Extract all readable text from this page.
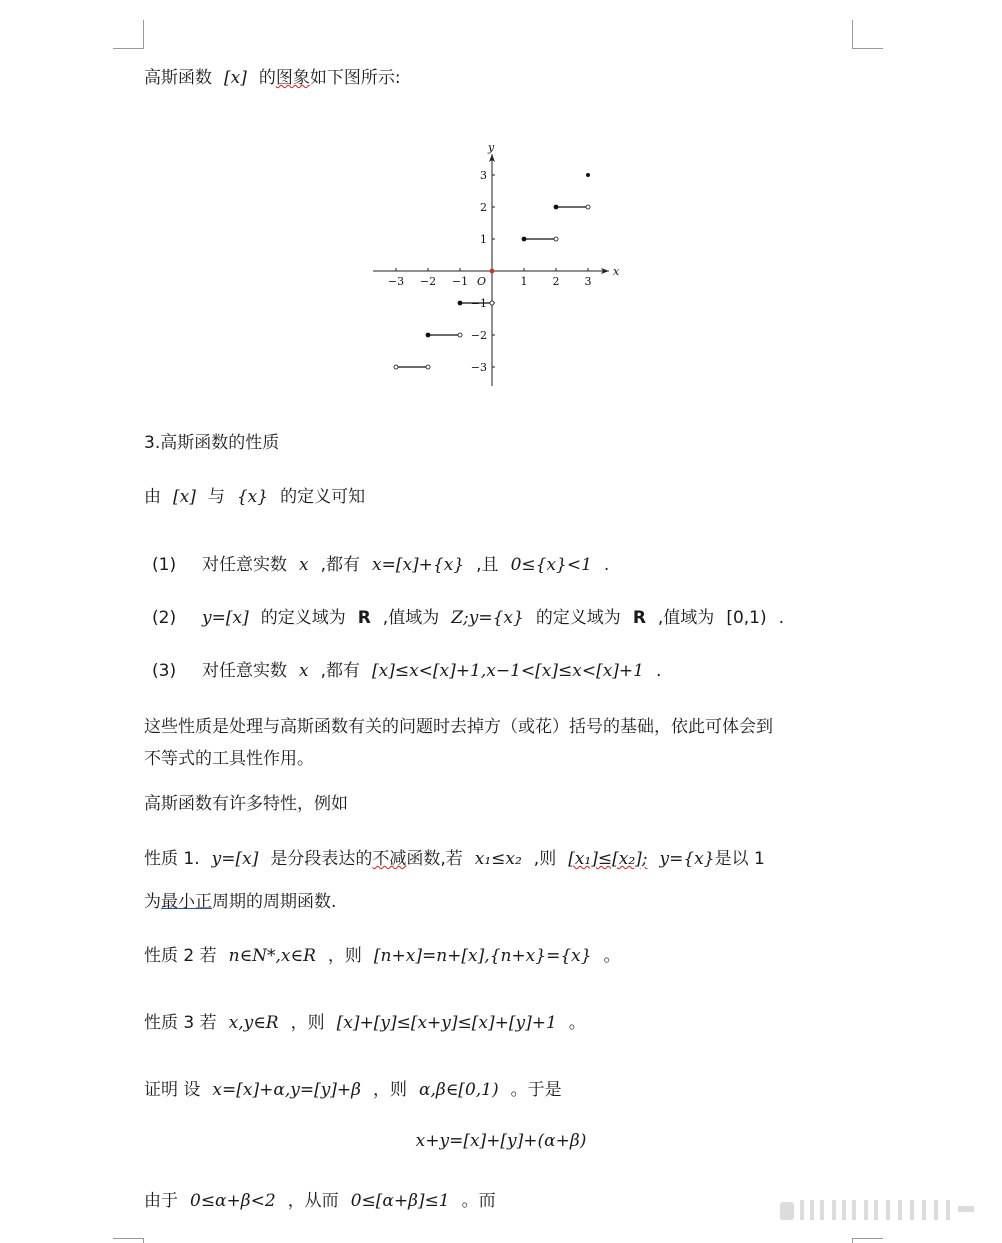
高斯函数 [x] 的图象如下图所示:
x
y
O
−3 −2 −1	1 2 3
3
2
1
−1
−2
−3
3.高斯函数的性质
由 [x] 与 {x} 的定义可知
(1) 对任意实数 x ,都有 x=[x]+{x} ,且 0≤{x}<1 .
(2) y=[x] 的定义域为 R ,值域为 Z;y={x} 的定义域为 R ,值域为 [0,1) .
(3) 对任意实数 x ,都有 [x]≤x<[x]+1,x−1<[x]≤x<[x]+1 .
这些性质是处理与高斯函数有关的问题时去掉方（或花）括号的基础，依此可体会到
不等式的工具性作用。
高斯函数有许多特性，例如
性质 1. y=[x] 是分段表达的不减函数,若 x₁≤x₂ ,则 [x₁]≤[x₂]; y={x}是以 1
为最小正周期的周期函数.
性质 2 若 n∈N*,x∈R ，则 [n+x]=n+[x],{n+x}={x} 。
性质 3 若 x,y∈R ，则 [x]+[y]≤[x+y]≤[x]+[y]+1 。
证明 设 x=[x]+α,y=[y]+β ，则 α,β∈[0,1) 。于是
x+y=[x]+[y]+(α+β)
由于 0≤α+β<2 ，从而 0≤[α+β]≤1 。而
